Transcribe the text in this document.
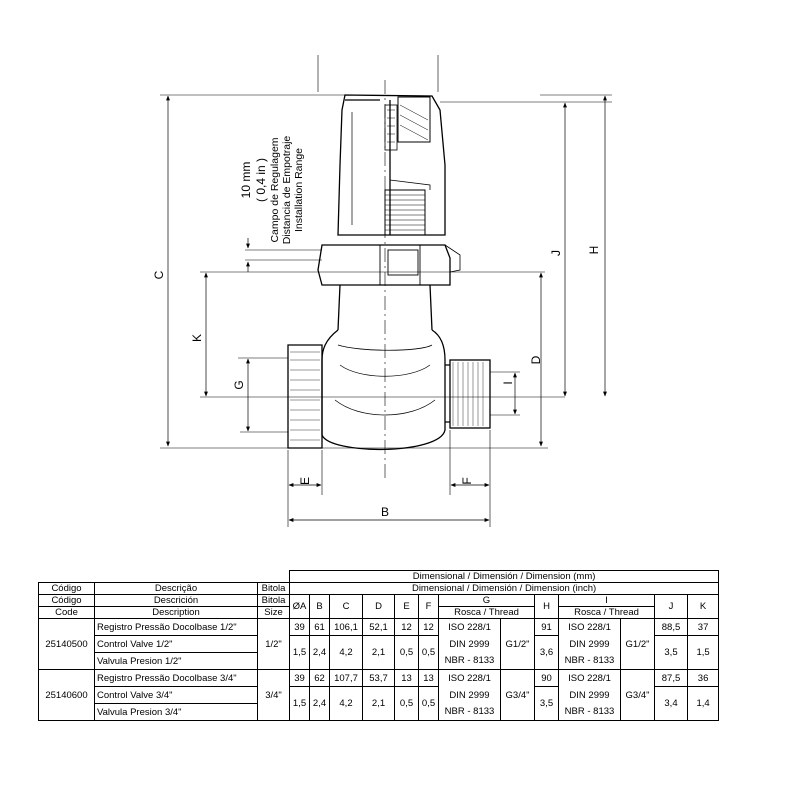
C
K
G
D
I
J H
E	F
B
10 mm ( 0,4 in ) Campo de Regulagem Distancia de Empotraje Installation Range
			Dimensional / Dimensión / Dimension (mm)												
Código	Descrição	Bitola	Dimensional / Dimensión / Dimension (inch)												
Código	Descrición	Bitola	ØA	B	C	D	E	F	G		H	I		J	K
Code	Description	Size							Rosca / Thread			Rosca / Thread			
25140500	Registro Pressão Docolbase 1/2"	1/2"	39	61	106,1	52,1	12	12	ISO 228/1	G1/2"	91	ISO 228/1	G1/2"	88,5	37
	Control Valve 1/2"								DIN 2999			DIN 2999			
			1,5	2,4	4,2	2,1	0,5	0,5			3,6			3,5	1,5
	Valvula Presion 1/2"								NBR - 8133			NBR - 8133			
25140600	Registro Pressão Docolbase 3/4"	3/4"	39	62	107,7	53,7	13	13	ISO 228/1	G3/4"	90	ISO 228/1	G3/4"	87,5	36
	Control Valve 3/4"								DIN 2999			DIN 2999			
			1,5	2,4	4,2	2,1	0,5	0,5			3,5			3,4	1,4
	Valvula Presion 3/4"								NBR - 8133			NBR - 8133			
